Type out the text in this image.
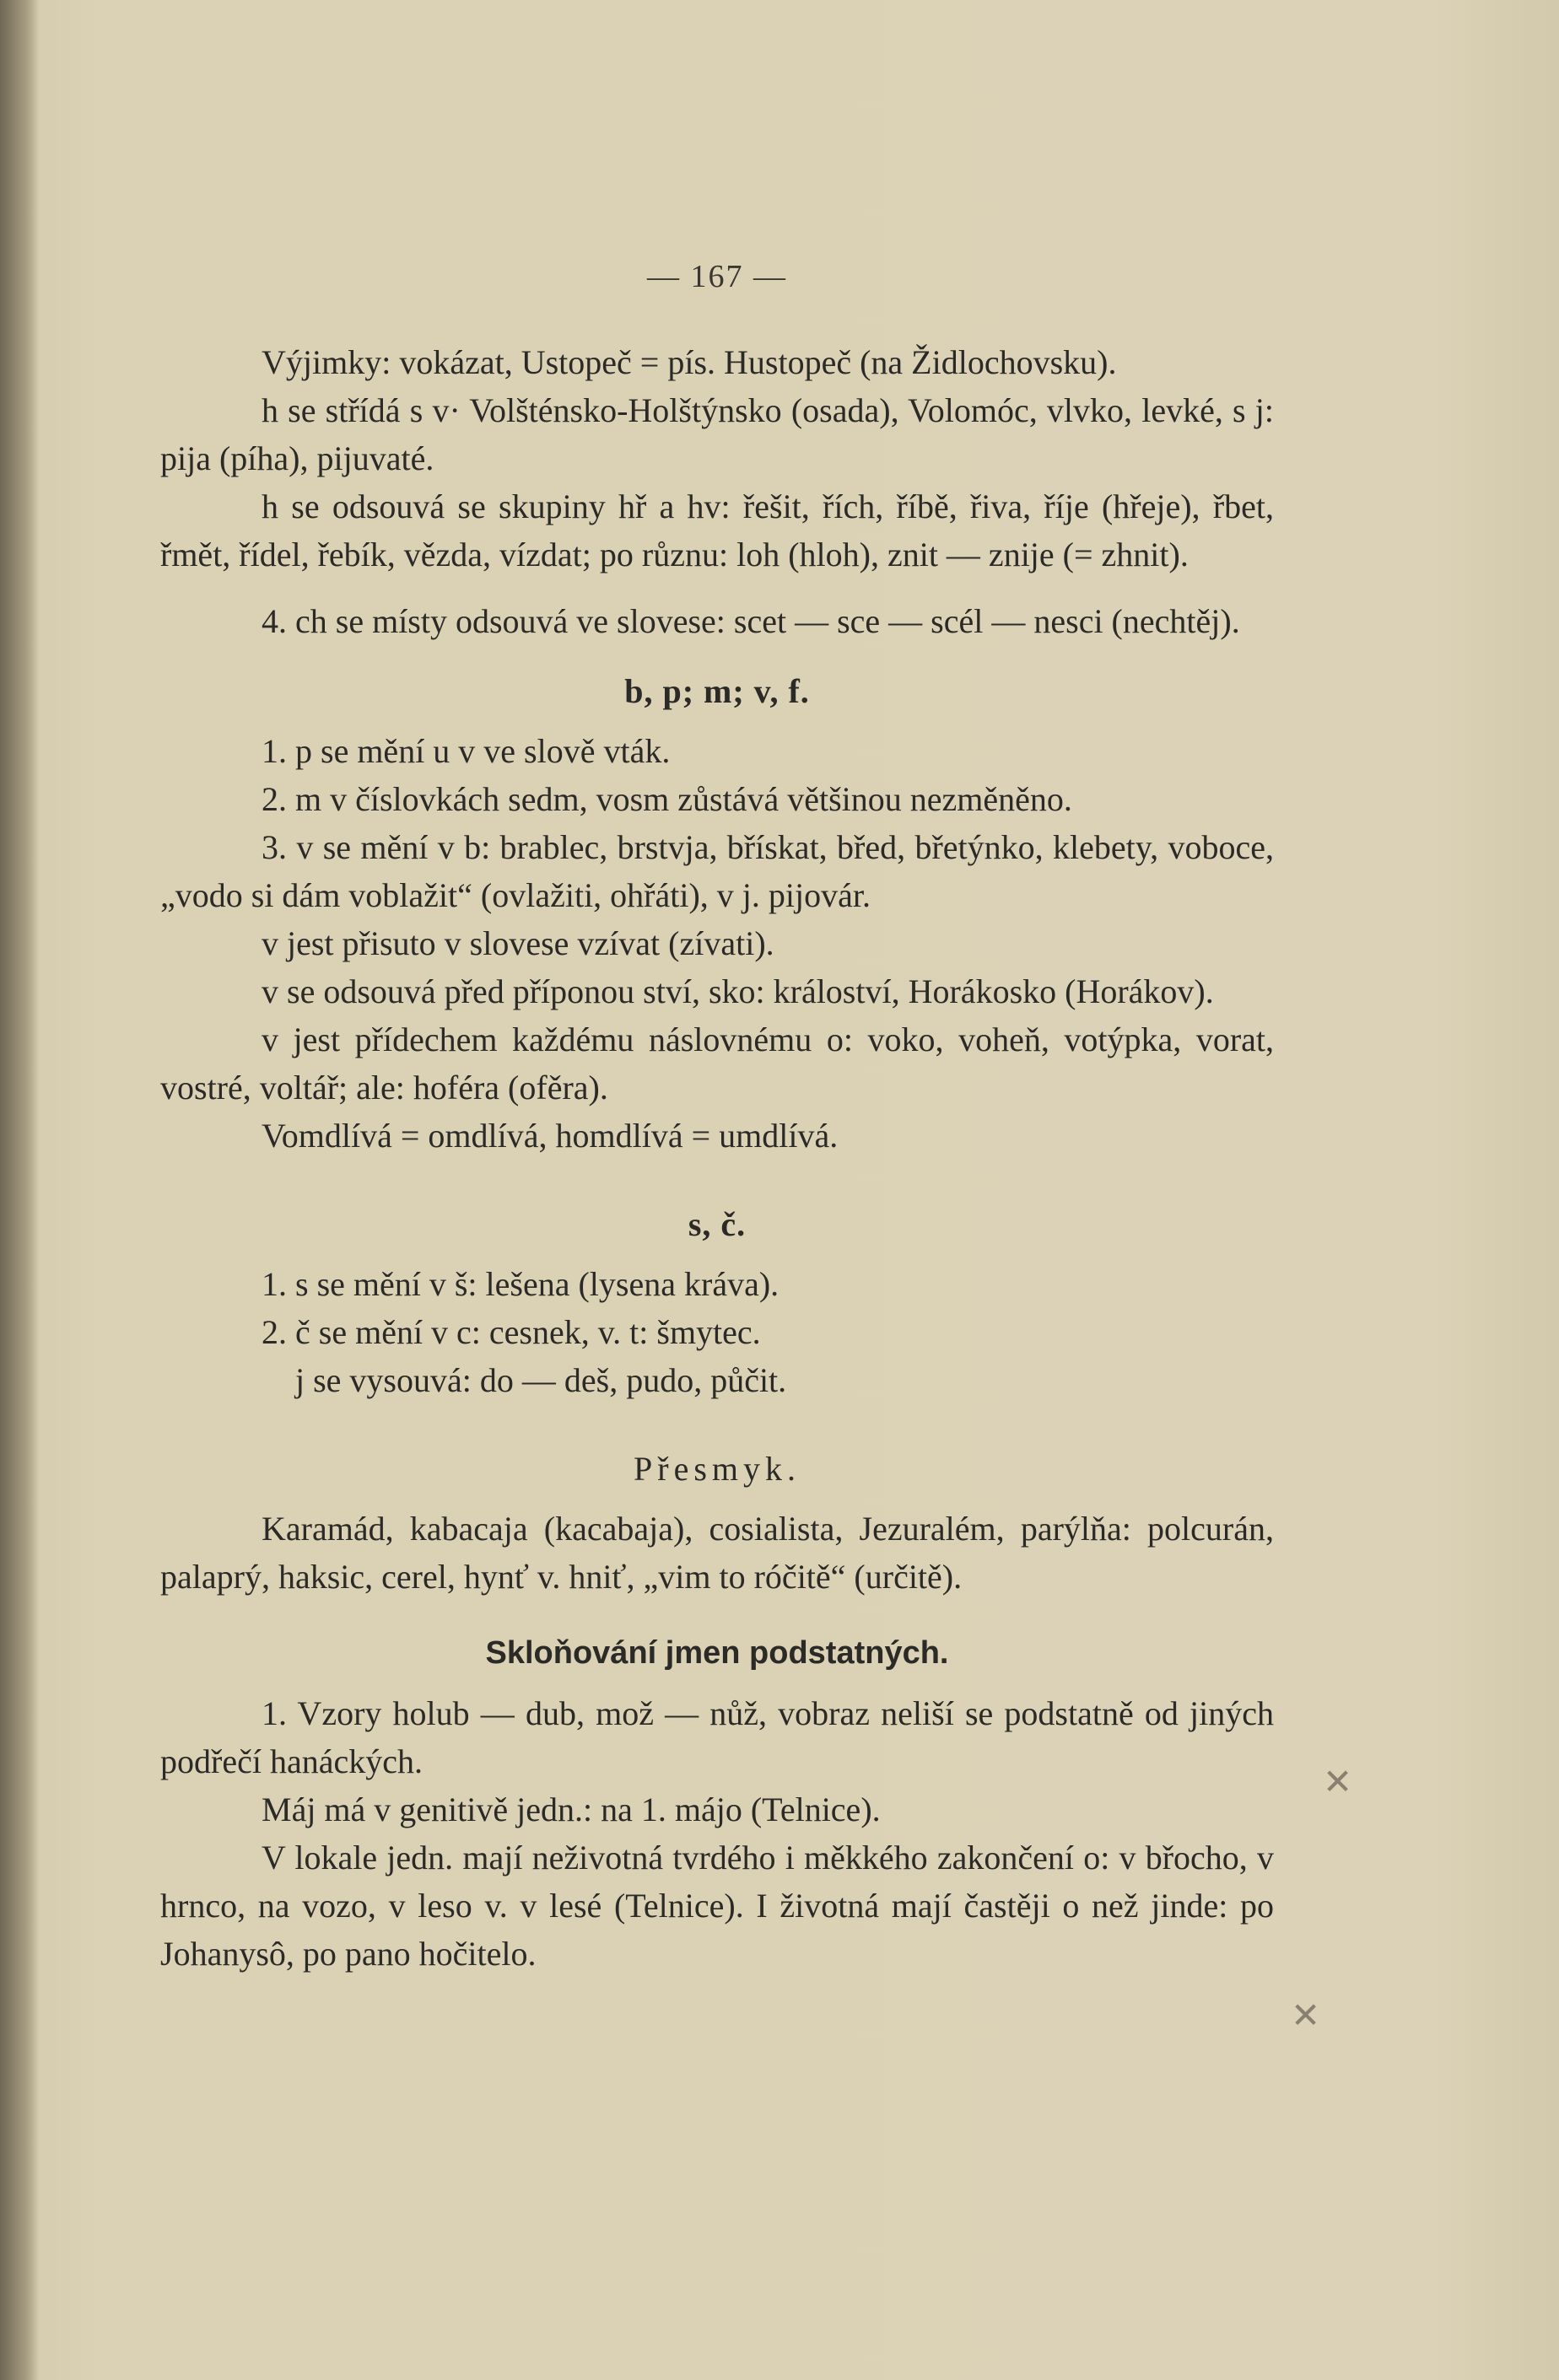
— 167 —

Výjimky: vokázat, Ustopeč = pís. Hustopeč (na Židlochovsku).

h se střídá s v· Volšténsko-Holštýnsko (osada), Volomóc, vlvko, levké, s j: pija (píha), pijuvaté.

h se odsouvá se skupiny hř a hv: řešit, řích, říbě, řiva, říje (hřeje), řbet, řmět, řídel, řebík, vězda, vízdat; po různu: loh (hloh), znit — znije (= zhnit).

4. ch se místy odsouvá ve slovese: scet — sce — scél — nesci (nechtěj).

b, p; m; v, f.

1. p se mění u v ve slově vták.

2. m v číslovkách sedm, vosm zůstává většinou nezměněno.

3. v se mění v b: brablec, brstvja, břískat, břed, břetýnko, klebety, voboce, „vodo si dám voblažit“ (ovlažiti, ohřáti), v j. pijovár.

v jest přisuto v slovese vzívat (zívati).

v se odsouvá před příponou ství, sko: králoství, Horákosko (Horákov).

v jest přídechem každému náslovnému o: voko, voheň, votýpka, vorat, vostré, voltář; ale: hoféra (ofěra).

Vomdlívá = omdlívá, homdlívá = umdlívá.

s, č.

1. s se mění v š: lešena (lysena kráva).

2. č se mění v c: cesnek, v. t: šmytec.

j se vysouvá: do — deš, pudo, půčit.

Přesmyk.

Karamád, kabacaja (kacabaja), cosialista, Jezuralém, parýlňa: polcurán, palaprý, haksic, cerel, hynť v. hniť, „vim to róčitě“ (určitě).

Skloňování jmen podstatných.

1. Vzory holub — dub, mož — nůž, vobraz neliší se podstatně od jiných podřečí hanáckých.

Máj má v genitivě jedn.: na 1. májo (Telnice).

V lokale jedn. mají neživotná tvrdého i měkkého zakončení o: v břocho, v hrnco, na vozo, v leso v. v lesé (Telnice). I životná mají častěji o než jinde: po Johanysô, po pano hočitelo.

✕
✕
